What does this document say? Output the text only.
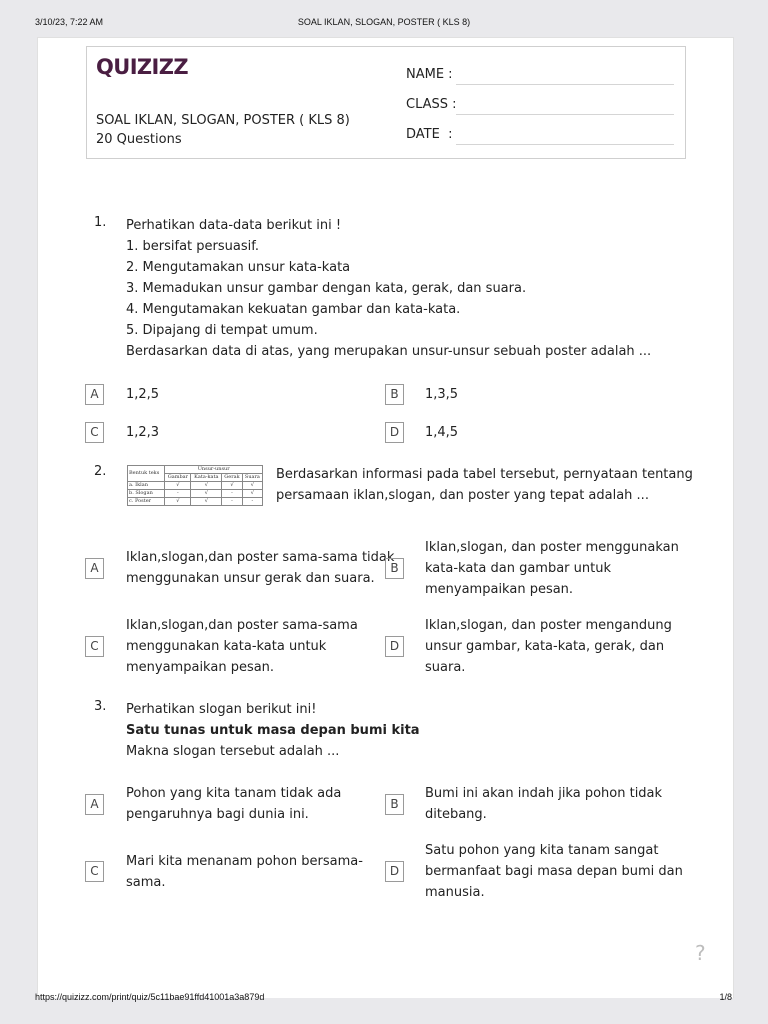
3/10/23, 7:22 AM	SOAL IKLAN, SLOGAN, POSTER ( KLS 8)
QUIZIZZ
SOAL IKLAN, SLOGAN, POSTER ( KLS 8)
20 Questions
NAME :
CLASS :
DATE  :
1.	Perhatikan data-data berikut ini !
1. bersifat persuasif.
2. Mengutamakan unsur kata-kata
3. Memadukan unsur gambar dengan kata, gerak, dan suara.
4. Mengutamakan kekuatan gambar dan kata-kata.
5. Dipajang di tempat umum.
Berdasarkan data di atas, yang merupakan unsur-unsur sebuah poster adalah ...
A	1,2,5	B	1,3,5
C	1,2,3	D	1,4,5
2.	Bentuk teks	Unsur-unsur			
	Gambar	Kata-kata	Gerak	Suara
a. Iklan	√	√	√	√
b. Slogan	-	√	-	√
c. Poster	√	√	-	-
Berdasarkan informasi pada tabel tersebut, pernyataan tentang
persamaan iklan,slogan, dan poster yang tepat adalah ...
A
Iklan,slogan,dan poster sama-sama tidak
menggunakan unsur gerak dan suara.
B
Iklan,slogan, dan poster menggunakan
kata-kata dan gambar untuk
menyampaikan pesan.
C
Iklan,slogan,dan poster sama-sama
menggunakan kata-kata untuk
menyampaikan pesan.
D
Iklan,slogan, dan poster mengandung
unsur gambar, kata-kata, gerak, dan
suara.
3.	Perhatikan slogan berikut ini!
Satu tunas untuk masa depan bumi kita
Makna slogan tersebut adalah ...
A
Pohon yang kita tanam tidak ada
pengaruhnya bagi dunia ini.
B
Bumi ini akan indah jika pohon tidak
ditebang.
C
Mari kita menanam pohon bersama-
sama.
D
Satu pohon yang kita tanam sangat
bermanfaat bagi masa depan bumi dan
manusia.
?
https://quizizz.com/print/quiz/5c11bae91ffd41001a3a879d	1/8
